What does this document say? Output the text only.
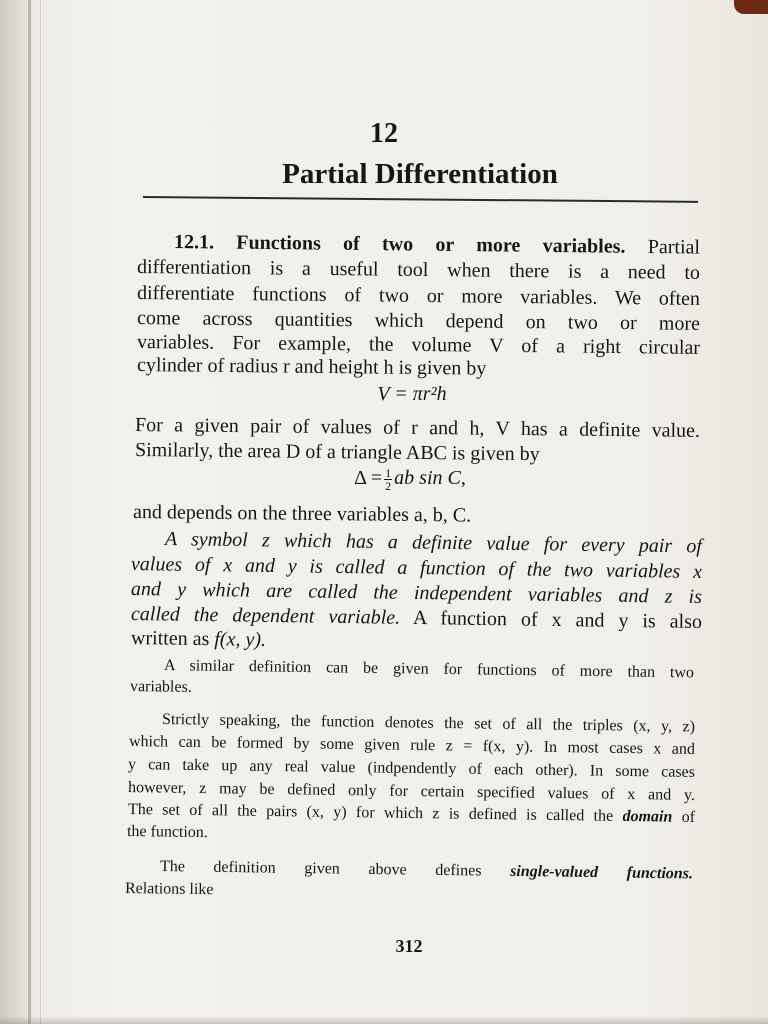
12
Partial Differentiation
12.1. Functions of two or more variables. Partial
differentiation is a useful tool when there is a need to
differentiate functions of two or more variables. We often
come across quantities which depend on two or more
variables. For example, the volume V of a right circular
cylinder of radius r and height h is given by
V = πr²h
For a given pair of values of r and h, V has a definite value.
Similarly, the area D of a triangle ABC is given by
$\Delta = \frac{1}{2}$ ab sin C,
and depends on the three variables a, b, C.
A symbol z which has a definite value for every pair of
values of x and y is called a function of the two variables x
and y which are called the independent variables and z is
called the dependent variable. A function of x and y is also
written as f(x, y).
A similar definition can be given for functions of more than two
variables.
Strictly speaking, the function denotes the set of all the triples (x, y, z)
which can be formed by some given rule z = f(x, y). In most cases x and
y can take up any real value (indpendently of each other). In some cases
however, z may be defined only for certain specified values of x and y.
The set of all the pairs (x, y) for which z is defined is called the domain of
the function.
The definition given above defines single-valued functions.
Relations like
312
